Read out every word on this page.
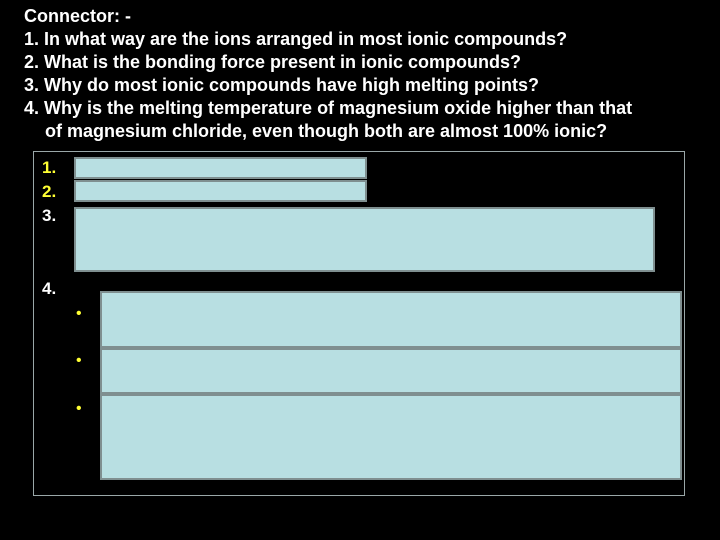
Connector: -
1. In what way are the ions arranged in most ionic compounds?
2. What is the bonding force present in ionic compounds?
3. Why do most ionic compounds have high melting points?
4. Why is the melting temperature of magnesium oxide higher than that
of magnesium chloride, even though both are almost 100% ionic?
1.
2.
3.
4.
•
•
•
